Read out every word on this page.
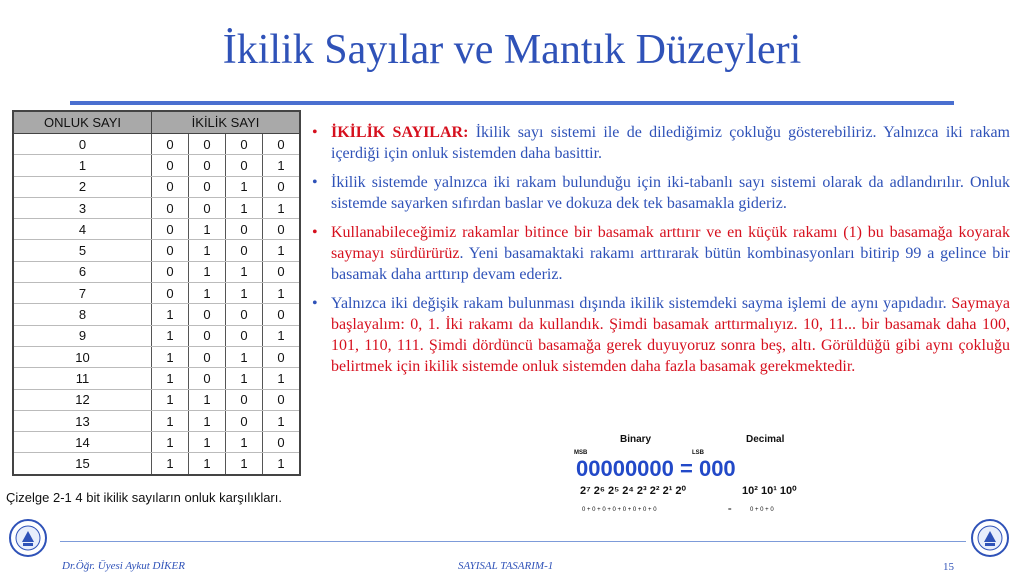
İkilik Sayılar ve Mantık Düzeyleri
ONLUK SAYI	İKİLİK SAYI			
0	0	0	0	0
1	0	0	0	1
2	0	0	1	0
3	0	0	1	1
4	0	1	0	0
5	0	1	0	1
6	0	1	1	0
7	0	1	1	1
8	1	0	0	0
9	1	0	0	1
10	1	0	1	0
11	1	0	1	1
12	1	1	0	0
13	1	1	0	1
14	1	1	1	0
15	1	1	1	1
Çizelge 2-1 4 bit ikilik sayıların onluk karşılıkları.
• İKİLİK SAYILAR: İkilik sayı sistemi ile de dilediğimiz çokluğu gösterebiliriz. Yalnızca iki rakam içerdiği için onluk sistemden daha basittir.
• İkilik sistemde yalnızca iki rakam bulunduğu için iki-tabanlı sayı sistemi olarak da adlandırılır. Onluk sistemde sayarken sıfırdan baslar ve dokuza dek tek basamakla gideriz.
• Kullanabileceğimiz rakamlar bitince bir basamak arttırır ve en küçük rakamı (1) bu basamağa koyarak saymayı sürdürürüz. Yeni basamaktaki rakamı arttırarak bütün kombinasyonları bitirip 99 a gelince bir basamak daha arttırıp devam ederiz.
• Yalnızca iki değişik rakam bulunması dışında ikilik sistemdeki sayma işlemi de aynı yapıdadır. Saymaya başlayalım: 0, 1. İki rakamı da kullandık. Şimdi basamak arttırmalıyız. 10, 11... bir basamak daha 100, 101, 110, 111. Şimdi dördüncü basamağa gerek duyuyoruz sonra beş, altı. Görüldüğü gibi aynı çokluğu belirtmek için ikilik sistemde onluk sistemden daha fazla basamak gerekmektedir.
Binary	Decimal
MSB	LSB
00000000 = 000
2⁷ 2⁶ 2⁵ 2⁴ 2³ 2² 2¹ 2⁰	10² 10¹ 10⁰
0 + 0 + 0 + 0 + 0 + 0 + 0 + 0	=	0 + 0 + 0
Dr.Öğr. Üyesi Aykut DİKER	SAYISAL TASARIM-1	15
